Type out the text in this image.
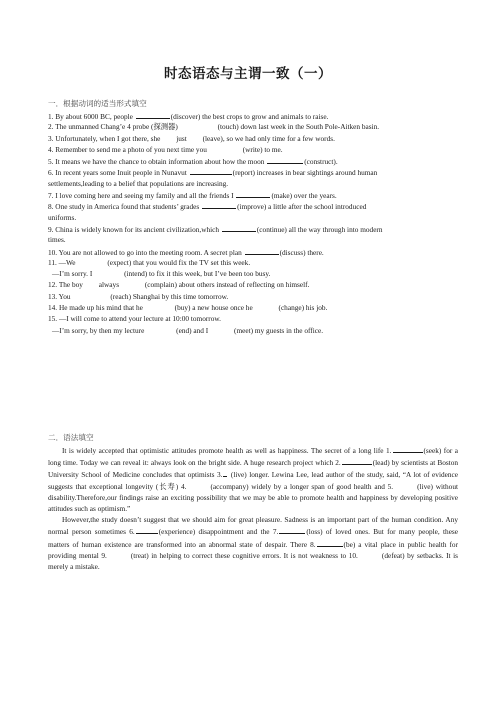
时态语态与主谓一致（一）
一．根据动词的适当形式填空
1. By about 6000 BC, people	(discover) the best crops to grow and animals to raise.
2. The unmanned Chang’e 4 probe (探测器)	(touch) down last week in the South Pole-Aitken basin.
3. Unfortunately, when I got there, she just (leave), so we had only time for a few words.
4. Remember to send me a photo of you next time you	(write) to me.
5. It means we have the chance to obtain information about how the moon	(construct).
6. In recent years some Inuit people in Nunavut	(report) increases in bear sightings around human
settlements,leading to a belief that populations are increasing.
7. I love coming here and seeing my family and all the friends I	(make) over the years.
8. One study in America found that students’ grades	(improve) a little after the school introduced
uniforms.
9. China is widely known for its ancient civilization,which	(continue) all the way through into modern
times.
10. You are not allowed to go into the meeting room. A secret plan	(discuss) there.
11. —We	(expect) that you would fix the TV set this week.
—I’m sorry. I	(intend) to fix it this week, but I’ve been too busy.
12. The boy always	(complain) about others instead of reflecting on himself.
13. You	(reach) Shanghai by this time tomorrow.
14. He made up his mind that he	(buy) a new house once he	(change) his job.
15. —I will come to attend your lecture at 10:00 tomorrow.
—I’m sorry, by then my lecture	(end) and I	(meet) my guests in the office.
二．语法填空
It is widely accepted that optimistic attitudes promote health as well as happiness. The secret of a long life 1.	(seek) for a long time. Today we can reveal it: always look on the bright side. A huge research project which 2.	(lead) by scientists at Boston University School of Medicine concludes that optimists 3. (live) longer. Lewina Lee, lead author of the study, said, “A lot of evidence suggests that exceptional longevity (长寿) 4.	(accompany) widely by a longer span of good health and 5.	(live) without disability.Therefore,our findings raise an exciting possibility that we may be able to promote health and happiness by developing positive attitudes such as optimism.”
However,the study doesn’t suggest that we should aim for great pleasure. Sadness is an important part of the human condition. Any normal person sometimes 6.	(experience) disappointment and the 7.	(loss) of loved ones. But for many people, these matters of human existence are transformed into an abnormal state of despair. There 8.	(be) a vital place in public health for providing mental 9.	(treat) in helping to correct these cognitive errors. It is not weakness to 10.	(defeat) by setbacks. It is merely a mistake.
